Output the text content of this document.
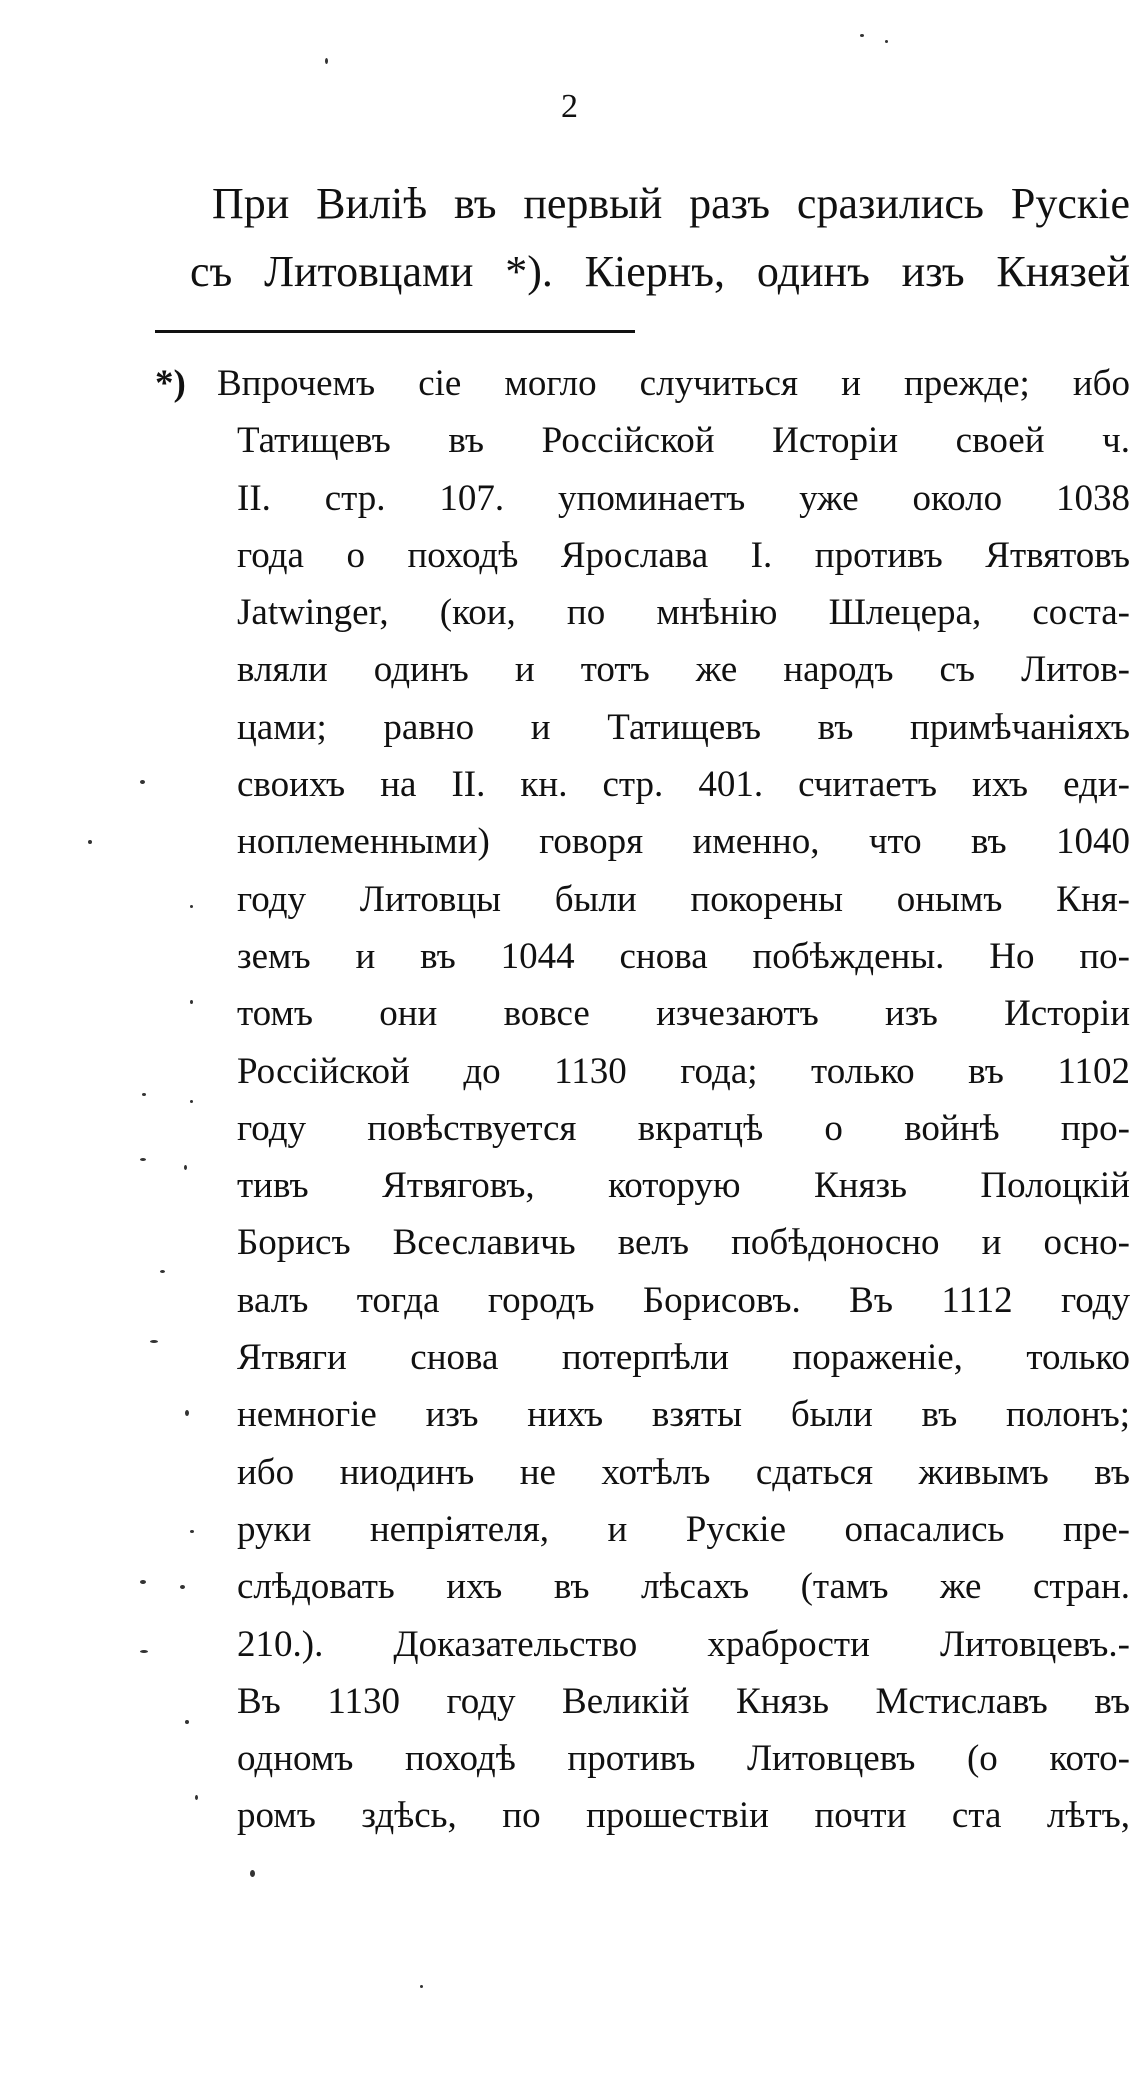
2
При Виліѣ въ первый разъ сразились Рускіе
съ Литовцами *). Кіернъ, одинъ изъ Князей
*) Впрочемъ сіе могло случиться и прежде; ибо
Татищевъ въ Россійской Исторіи своей ч.
II. стр. 107. упоминаетъ уже около 1038
года о походѣ Ярослава I. противъ Ятвятовъ
Jatwinger, (кои, по мнѣнію Шлецера, соста-
вляли одинъ и тотъ же народъ съ Литов-
цами; равно и Татищевъ въ примѣчаніяхъ
своихъ на II. кн. стр. 401. считаетъ ихъ еди-
ноплеменными) говоря именно, что въ 1040
году Литовцы были покорены онымъ Кня-
земъ и въ 1044 снова побѣждены. Но по-
томъ они вовсе изчезаютъ изъ Исторіи
Россійской до 1130 года; только въ 1102
году повѣствуется вкратцѣ о войнѣ про-
тивъ Ятвяговъ, которую Князь Полоцкій
Борисъ Всеславичь велъ побѣдоносно и осно-
валъ тогда городъ Борисовъ. Въ 1112 году
Ятвяги снова потерпѣли пораженіе, только
немногіе изъ нихъ взяты были въ полонъ;
ибо ниодинъ не хотѣлъ сдаться живымъ въ
руки непріятеля, и Рускіе опасались пре-
слѣдовать ихъ въ лѣсахъ (тамъ же стран.
210.). Доказательство храбрости Литовцевъ.-
Въ 1130 году Великій Князь Мстиславъ въ
одномъ походѣ противъ Литовцевъ (о кото-
ромъ здѣсь, по прошествіи почти ста лѣтъ,
